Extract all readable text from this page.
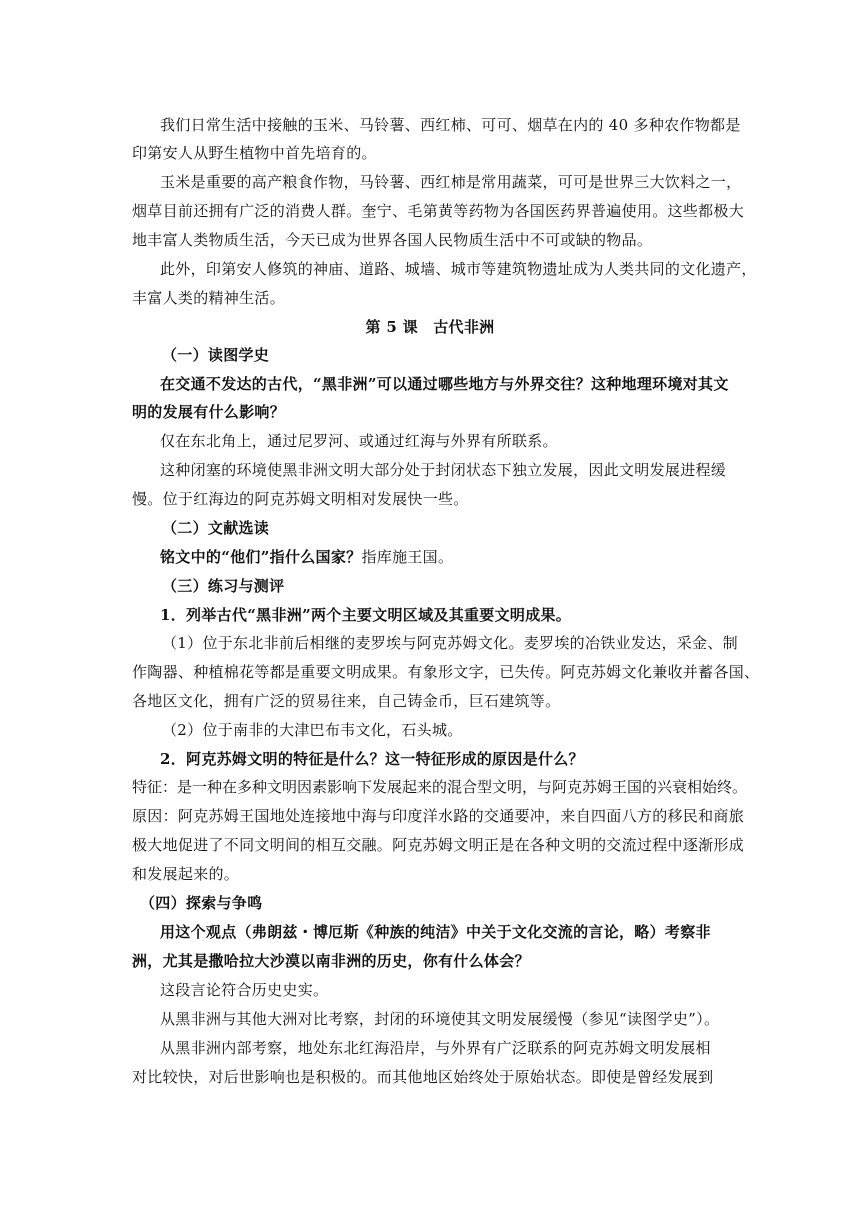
我们日常生活中接触的玉米、马铃薯、西红柿、可可、烟草在内的 40 多种农作物都是

印第安人从野生植物中首先培育的。

玉米是重要的高产粮食作物，马铃薯、西红柿是常用蔬菜，可可是世界三大饮料之一，

烟草目前还拥有广泛的消费人群。奎宁、毛第黄等药物为各国医药界普遍使用。这些都极大

地丰富人类物质生活，今天已成为世界各国人民物质生活中不可或缺的物品。

此外，印第安人修筑的神庙、道路、城墙、城市等建筑物遗址成为人类共同的文化遗产，

丰富人类的精神生活。

第 5 课　古代非洲

（一）读图学史

在交通不发达的古代，“黑非洲”可以通过哪些地方与外界交往？这种地理环境对其文

明的发展有什么影响？

仅在东北角上，通过尼罗河、或通过红海与外界有所联系。

这种闭塞的环境使黑非洲文明大部分处于封闭状态下独立发展，因此文明发展进程缓

慢。位于红海边的阿克苏姆文明相对发展快一些。

（二）文献选读

铭文中的“他们”指什么国家？指库施王国。

（三）练习与测评

1．列举古代“黑非洲”两个主要文明区域及其重要文明成果。

（1）位于东北非前后相继的麦罗埃与阿克苏姆文化。麦罗埃的冶铁业发达，采金、制

作陶器、种植棉花等都是重要文明成果。有象形文字，已失传。阿克苏姆文化兼收并蓄各国、

各地区文化，拥有广泛的贸易往来，自己铸金币，巨石建筑等。

（2）位于南非的大津巴布韦文化，石头城。

2．阿克苏姆文明的特征是什么？这一特征形成的原因是什么？

特征：是一种在多种文明因素影响下发展起来的混合型文明，与阿克苏姆王国的兴衰相始终。

原因：阿克苏姆王国地处连接地中海与印度洋水路的交通要冲，来自四面八方的移民和商旅

极大地促进了不同文明间的相互交融。阿克苏姆文明正是在各种文明的交流过程中逐渐形成

和发展起来的。

（四）探索与争鸣

用这个观点（弗朗兹・博厄斯《种族的纯洁》中关于文化交流的言论，略）考察非

洲，尤其是撒哈拉大沙漠以南非洲的历史，你有什么体会？

这段言论符合历史史实。

从黑非洲与其他大洲对比考察，封闭的环境使其文明发展缓慢（参见“读图学史”）。

从黑非洲内部考察，地处东北红海沿岸，与外界有广泛联系的阿克苏姆文明发展相

对比较快，对后世影响也是积极的。而其他地区始终处于原始状态。即使是曾经发展到
